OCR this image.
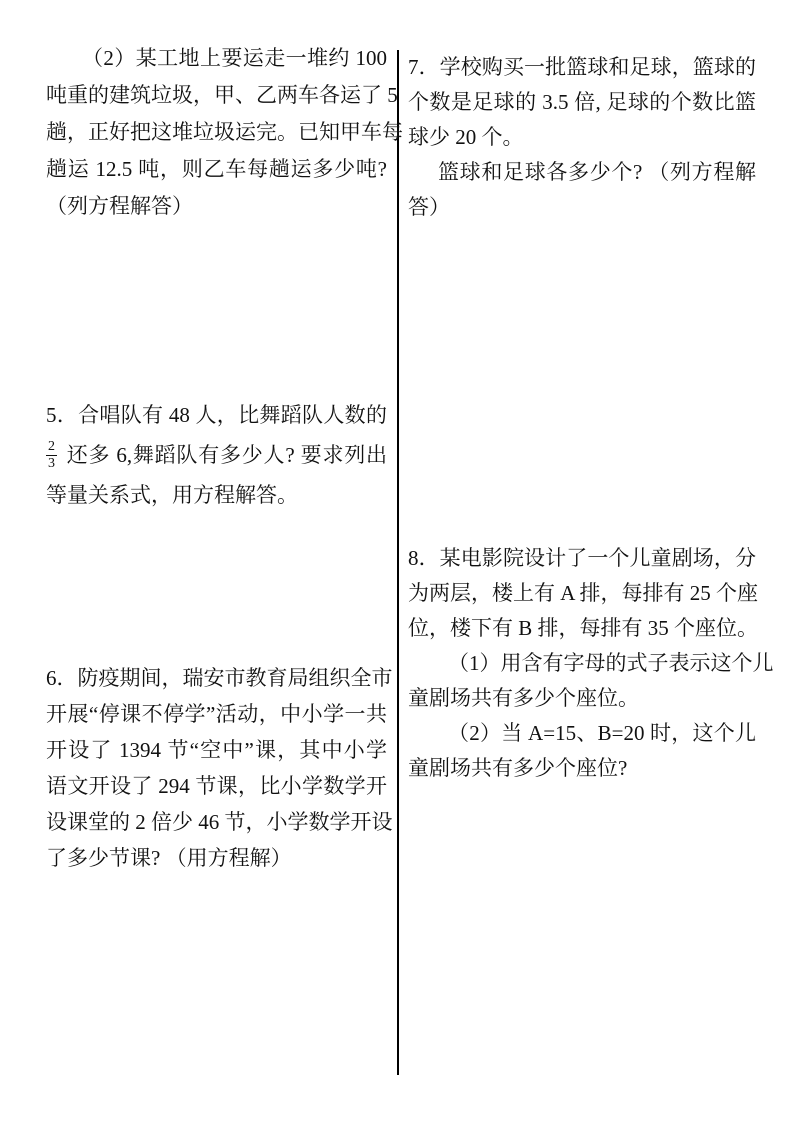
（2）某工地上要运走一堆约 100
吨重的建筑垃圾，甲、乙两车各运了 5
趟，正好把这堆垃圾运完。已知甲车每
趟运 12.5 吨，则乙车每趟运多少吨?
（列方程解答）
5．合唱队有 48 人，比舞蹈队人数的
$\frac{2}{3}$ 还多 6,舞蹈队有多少人? 要求列出
等量关系式，用方程解答。
6．防疫期间，瑞安市教育局组织全市
开展“停课不停学”活动，中小学一共
开设了 1394 节“空中”课，其中小学
语文开设了 294 节课，比小学数学开
设课堂的 2 倍少 46 节，小学数学开设
了多少节课? （用方程解）
7．学校购买一批篮球和足球，篮球的
个数是足球的 3.5 倍, 足球的个数比篮
球少 20 个。
篮球和足球各多少个? （列方程解
答）
8．某电影院设计了一个儿童剧场，分
为两层，楼上有 A 排，每排有 25 个座
位，楼下有 B 排，每排有 35 个座位。
（1）用含有字母的式子表示这个儿
童剧场共有多少个座位。
（2）当 A=15、B=20 时，这个儿
童剧场共有多少个座位?
